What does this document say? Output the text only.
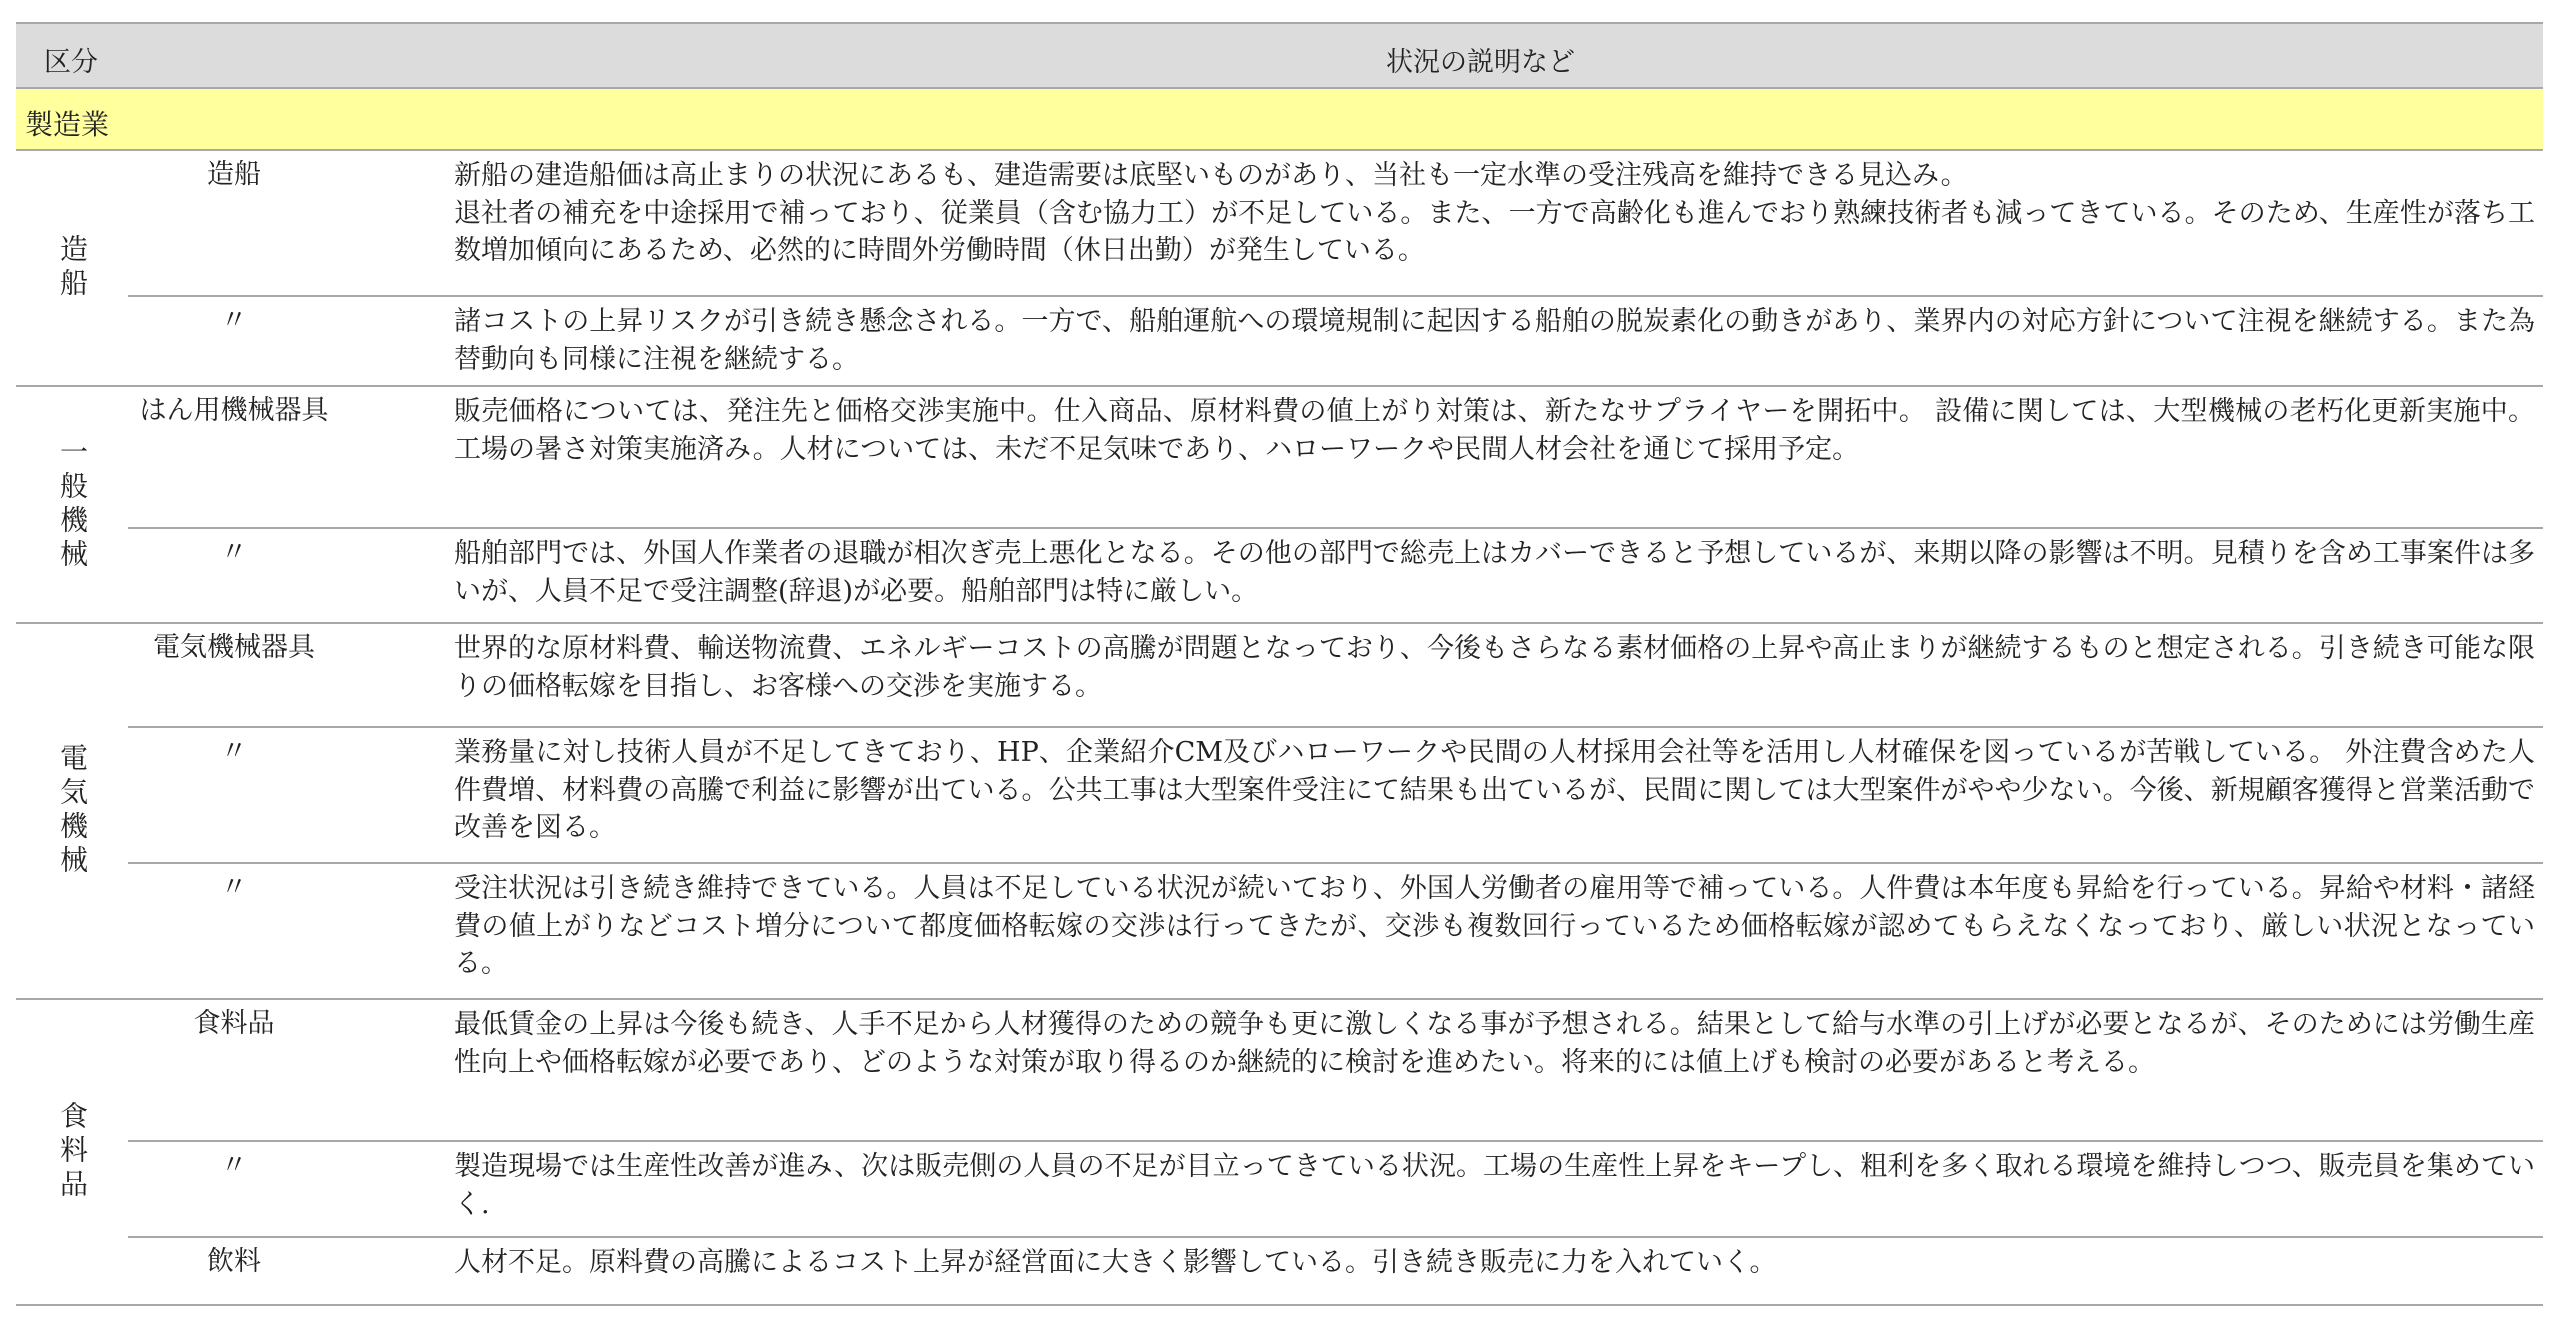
区分	状況の説明など
製造業
造船
造船	新船の建造船価は高止まりの状況にあるも、建造需要は底堅いものがあり、当社も一定水準の受注残高を維持できる見込み。
退社者の補充を中途採用で補っており、従業員（含む協力工）が不足している。また、一方で高齢化も進んでおり熟練技術者も減ってきている。そのため、生産性が落ち工数増加傾向にあるため、必然的に時間外労働時間（休日出勤）が発生している。
〃	諸コストの上昇リスクが引き続き懸念される。一方で、船舶運航への環境規制に起因する船舶の脱炭素化の動きがあり、業界内の対応方針について注視を継続する。また為替動向も同様に注視を継続する。
一般機械
はん用機械器具	販売価格については、発注先と価格交渉実施中。仕入商品、原材料費の値上がり対策は、新たなサプライヤーを開拓中。 設備に関しては、大型機械の老朽化更新実施中。工場の暑さ対策実施済み。人材については、未だ不足気味であり、ハローワークや民間人材会社を通じて採用予定。
〃	船舶部門では、外国人作業者の退職が相次ぎ売上悪化となる。その他の部門で総売上はカバーできると予想しているが、来期以降の影響は不明。見積りを含め工事案件は多いが、人員不足で受注調整(辞退)が必要。船舶部門は特に厳しい。
電気機械
電気機械器具	世界的な原材料費、輸送物流費、エネルギーコストの高騰が問題となっており、今後もさらなる素材価格の上昇や高止まりが継続するものと想定される。引き続き可能な限りの価格転嫁を目指し、お客様への交渉を実施する。
〃	業務量に対し技術人員が不足してきており、HP、企業紹介CM及びハローワークや民間の人材採用会社等を活用し人材確保を図っているが苦戦している。 外注費含めた人件費増、材料費の高騰で利益に影響が出ている。公共工事は大型案件受注にて結果も出ているが、民間に関しては大型案件がやや少ない。今後、新規顧客獲得と営業活動で改善を図る。
〃	受注状況は引き続き維持できている。人員は不足している状況が続いており、外国人労働者の雇用等で補っている。人件費は本年度も昇給を行っている。昇給や材料・諸経費の値上がりなどコスト増分について都度価格転嫁の交渉は行ってきたが、交渉も複数回行っているため価格転嫁が認めてもらえなくなっており、厳しい状況となっている。
食料品
食料品	最低賃金の上昇は今後も続き、人手不足から人材獲得のための競争も更に激しくなる事が予想される。結果として給与水準の引上げが必要となるが、そのためには労働生産性向上や価格転嫁が必要であり、どのような対策が取り得るのか継続的に検討を進めたい。将来的には値上げも検討の必要があると考える。
〃	製造現場では生産性改善が進み、次は販売側の人員の不足が目立ってきている状況。工場の生産性上昇をキープし、粗利を多く取れる環境を維持しつつ、販売員を集めていく.
飲料	人材不足。原料費の高騰によるコスト上昇が経営面に大きく影響している。引き続き販売に力を入れていく。
